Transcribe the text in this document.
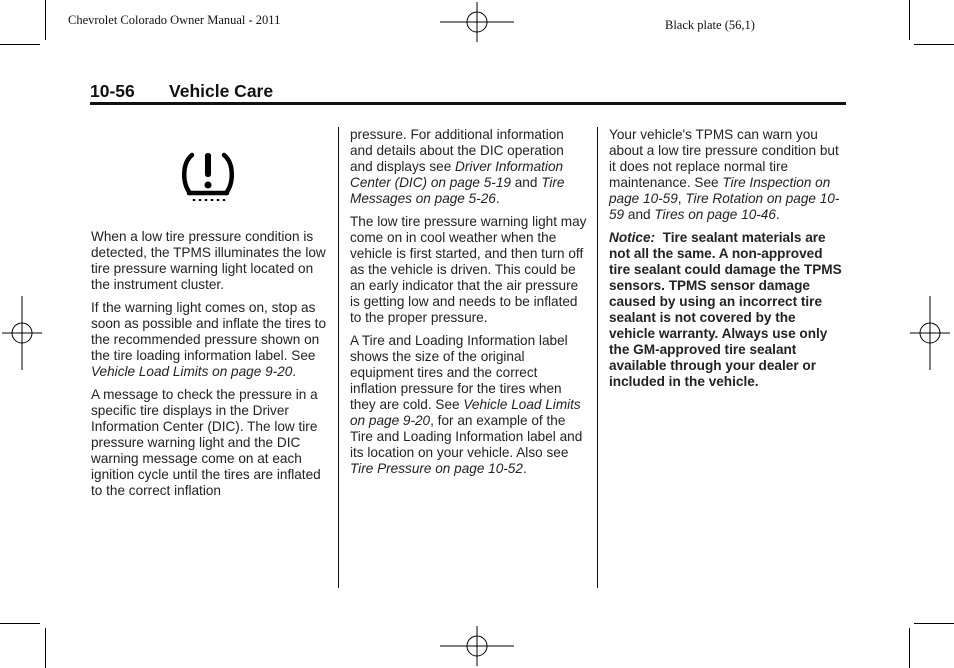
Chevrolet Colorado Owner Manual - 2011	Black plate (56,1)
10-56 Vehicle Care

When a low tire pressure condition is detected, the TPMS illuminates the low tire pressure warning light located on the instrument cluster.

If the warning light comes on, stop as soon as possible and inflate the tires to the recommended pressure shown on the tire loading information label. See Vehicle Load Limits on page 9-20.

A message to check the pressure in a specific tire displays in the Driver Information Center (DIC). The low tire pressure warning light and the DIC warning message come on at each ignition cycle until the tires are inflated to the correct inflation

pressure. For additional information and details about the DIC operation and displays see Driver Information Center (DIC) on page 5-19 and Tire Messages on page 5-26.

The low tire pressure warning light may come on in cool weather when the vehicle is first started, and then turn off as the vehicle is driven. This could be an early indicator that the air pressure is getting low and needs to be inflated to the proper pressure.

A Tire and Loading Information label shows the size of the original equipment tires and the correct inflation pressure for the tires when they are cold. See Vehicle Load Limits on page 9-20, for an example of the Tire and Loading Information label and its location on your vehicle. Also see Tire Pressure on page 10-52.

Your vehicle's TPMS can warn you about a low tire pressure condition but it does not replace normal tire maintenance. See Tire Inspection on page 10-59, Tire Rotation on page 10-59 and Tires on page 10-46.

Notice: Tire sealant materials are not all the same. A non-approved tire sealant could damage the TPMS sensors. TPMS sensor damage caused by using an incorrect tire sealant is not covered by the vehicle warranty. Always use only the GM-approved tire sealant available through your dealer or included in the vehicle.
